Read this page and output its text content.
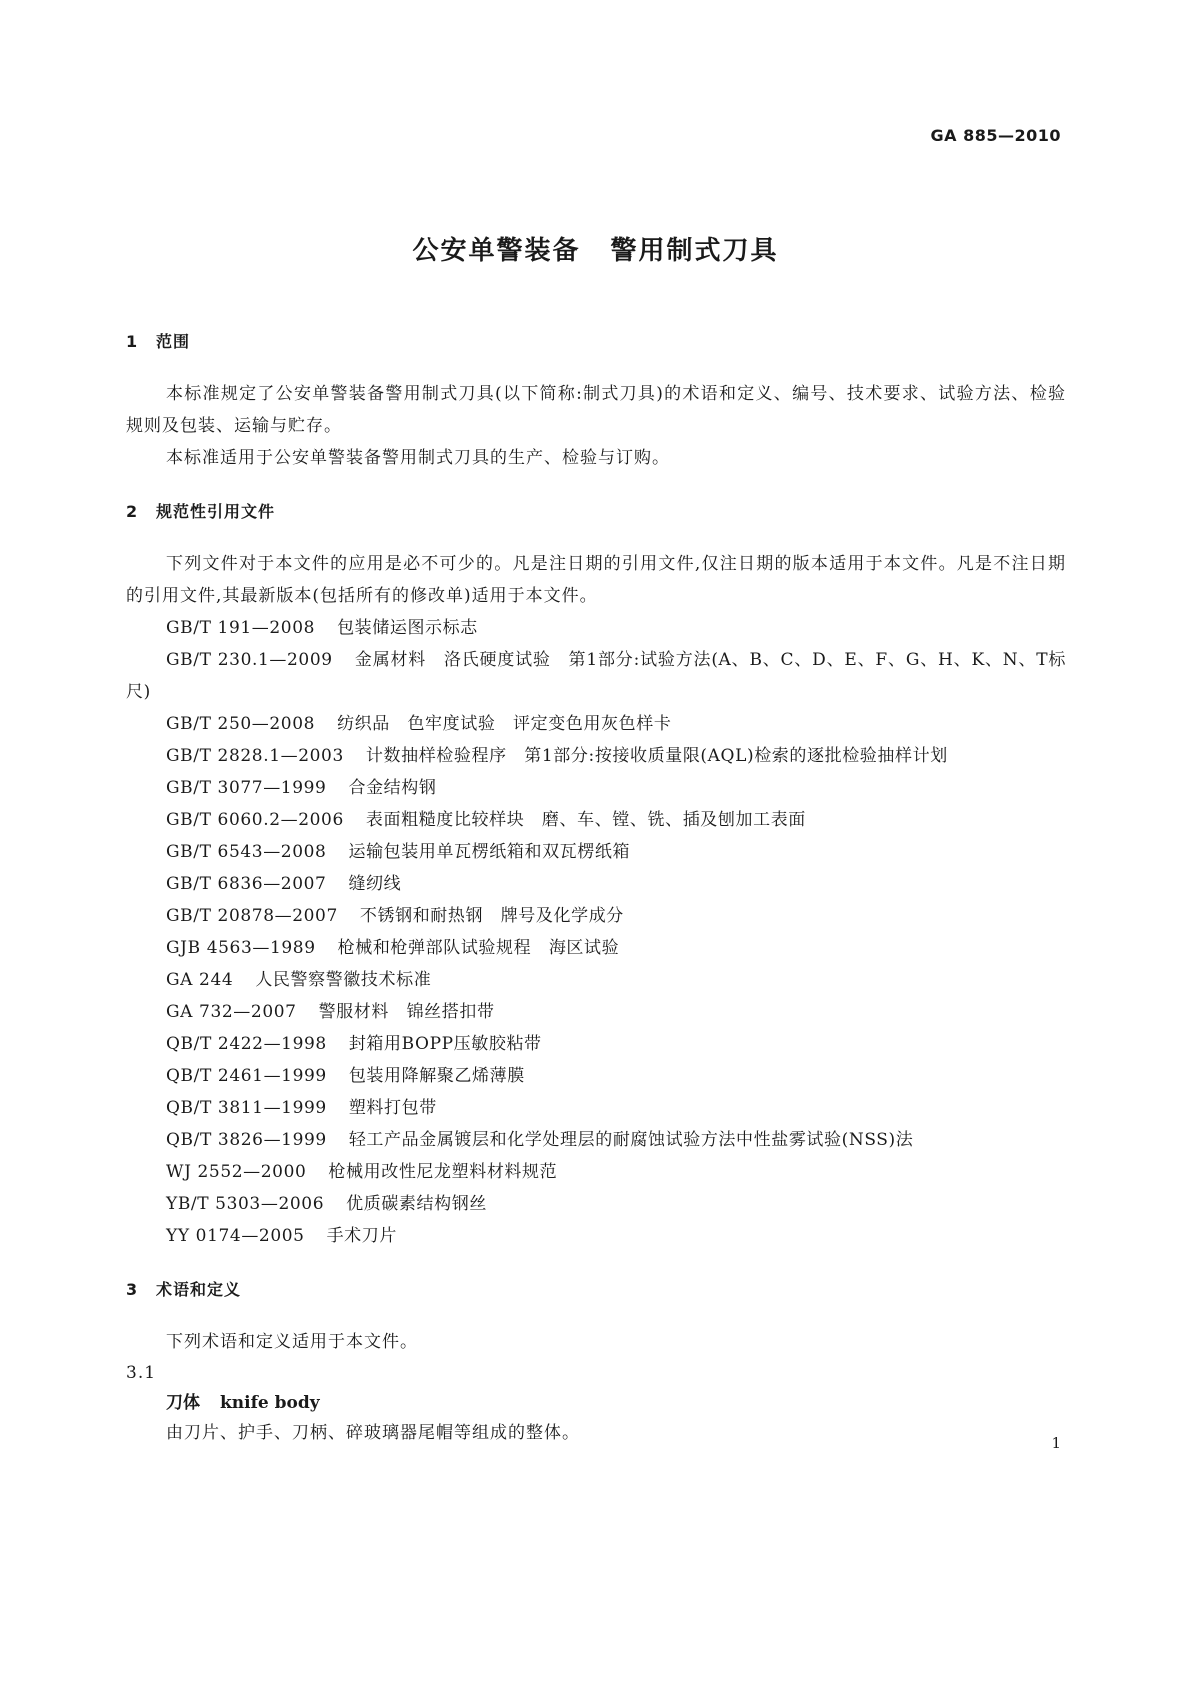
GA 885—2010
公安单警装备 警用制式刀具
1 范围

本标准规定了公安单警装备警用制式刀具(以下简称:制式刀具)的术语和定义、编号、技术要求、试验方法、检验规则及包装、运输与贮存。

本标准适用于公安单警装备警用制式刀具的生产、检验与订购。

2 规范性引用文件

下列文件对于本文件的应用是必不可少的。凡是注日期的引用文件,仅注日期的版本适用于本文件。凡是不注日期的引用文件,其最新版本(包括所有的修改单)适用于本文件。

GB/T 191—2008 包装储运图示标志
GB/T 230.1—2009 金属材料　洛氏硬度试验　第1部分:试验方法(A、B、C、D、E、F、G、H、K、N、T标尺)
GB/T 250—2008 纺织品　色牢度试验　评定变色用灰色样卡
GB/T 2828.1—2003 计数抽样检验程序　第1部分:按接收质量限(AQL)检索的逐批检验抽样计划
GB/T 3077—1999 合金结构钢
GB/T 6060.2—2006 表面粗糙度比较样块　磨、车、镗、铣、插及刨加工表面
GB/T 6543—2008 运输包装用单瓦楞纸箱和双瓦楞纸箱
GB/T 6836—2007 缝纫线
GB/T 20878—2007 不锈钢和耐热钢　牌号及化学成分
GJB 4563—1989 枪械和枪弹部队试验规程　海区试验
GA 244 人民警察警徽技术标准
GA 732—2007 警服材料　锦丝搭扣带
QB/T 2422—1998 封箱用BOPP压敏胶粘带
QB/T 2461—1999 包装用降解聚乙烯薄膜
QB/T 3811—1999 塑料打包带
QB/T 3826—1999 轻工产品金属镀层和化学处理层的耐腐蚀试验方法中性盐雾试验(NSS)法
WJ 2552—2000 枪械用改性尼龙塑料材料规范
YB/T 5303—2006 优质碳素结构钢丝
YY 0174—2005 手术刀片
3 术语和定义

下列术语和定义适用于本文件。

3.1
刀体 knife body
由刀片、护手、刀柄、碎玻璃器尾帽等组成的整体。	1
